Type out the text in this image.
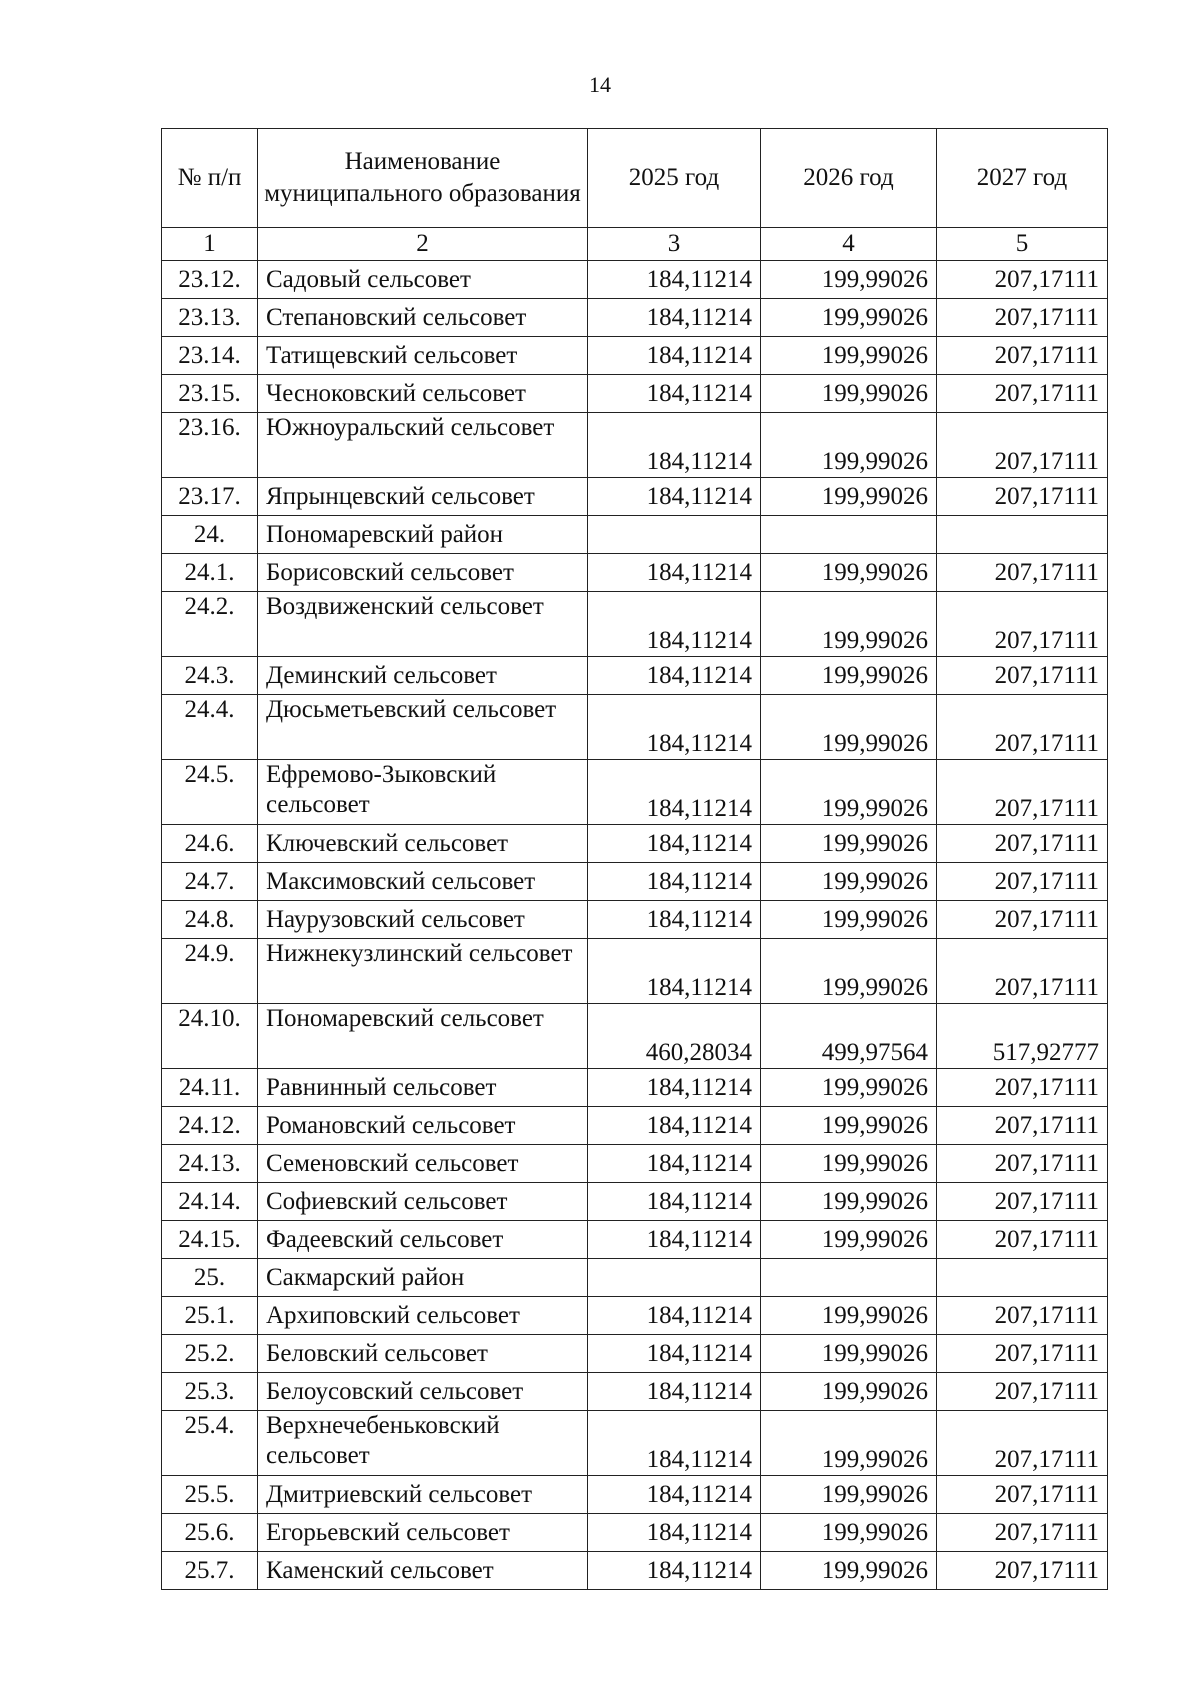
14
№ п/п	Наименование муниципального образования	2025 год	2026 год	2027 год
1	2	3	4	5
23.12.	Садовый сельсовет	184,11214	199,99026	207,17111
23.13.	Степановский сельсовет	184,11214	199,99026	207,17111
23.14.	Татищевский сельсовет	184,11214	199,99026	207,17111
23.15.	Чесноковский сельсовет	184,11214	199,99026	207,17111
23.16.	Южноуральский сельсовет	184,11214	199,99026	207,17111
23.17.	Япрынцевский сельсовет	184,11214	199,99026	207,17111
24.	Пономаревский район			
24.1.	Борисовский сельсовет	184,11214	199,99026	207,17111
24.2.	Воздвиженский сельсовет	184,11214	199,99026	207,17111
24.3.	Деминский сельсовет	184,11214	199,99026	207,17111
24.4.	Дюсьметьевский сельсовет	184,11214	199,99026	207,17111
24.5.	Ефремово-Зыковский сельсовет	184,11214	199,99026	207,17111
24.6.	Ключевский сельсовет	184,11214	199,99026	207,17111
24.7.	Максимовский сельсовет	184,11214	199,99026	207,17111
24.8.	Наурузовский сельсовет	184,11214	199,99026	207,17111
24.9.	Нижнекузлинский сельсовет	184,11214	199,99026	207,17111
24.10.	Пономаревский сельсовет	460,28034	499,97564	517,92777
24.11.	Равнинный сельсовет	184,11214	199,99026	207,17111
24.12.	Романовский сельсовет	184,11214	199,99026	207,17111
24.13.	Семеновский сельсовет	184,11214	199,99026	207,17111
24.14.	Софиевский сельсовет	184,11214	199,99026	207,17111
24.15.	Фадеевский сельсовет	184,11214	199,99026	207,17111
25.	Сакмарский район			
25.1.	Архиповский сельсовет	184,11214	199,99026	207,17111
25.2.	Беловский сельсовет	184,11214	199,99026	207,17111
25.3.	Белоусовский сельсовет	184,11214	199,99026	207,17111
25.4.	Верхнечебеньковский сельсовет	184,11214	199,99026	207,17111
25.5.	Дмитриевский сельсовет	184,11214	199,99026	207,17111
25.6.	Егорьевский сельсовет	184,11214	199,99026	207,17111
25.7.	Каменский сельсовет	184,11214	199,99026	207,17111
